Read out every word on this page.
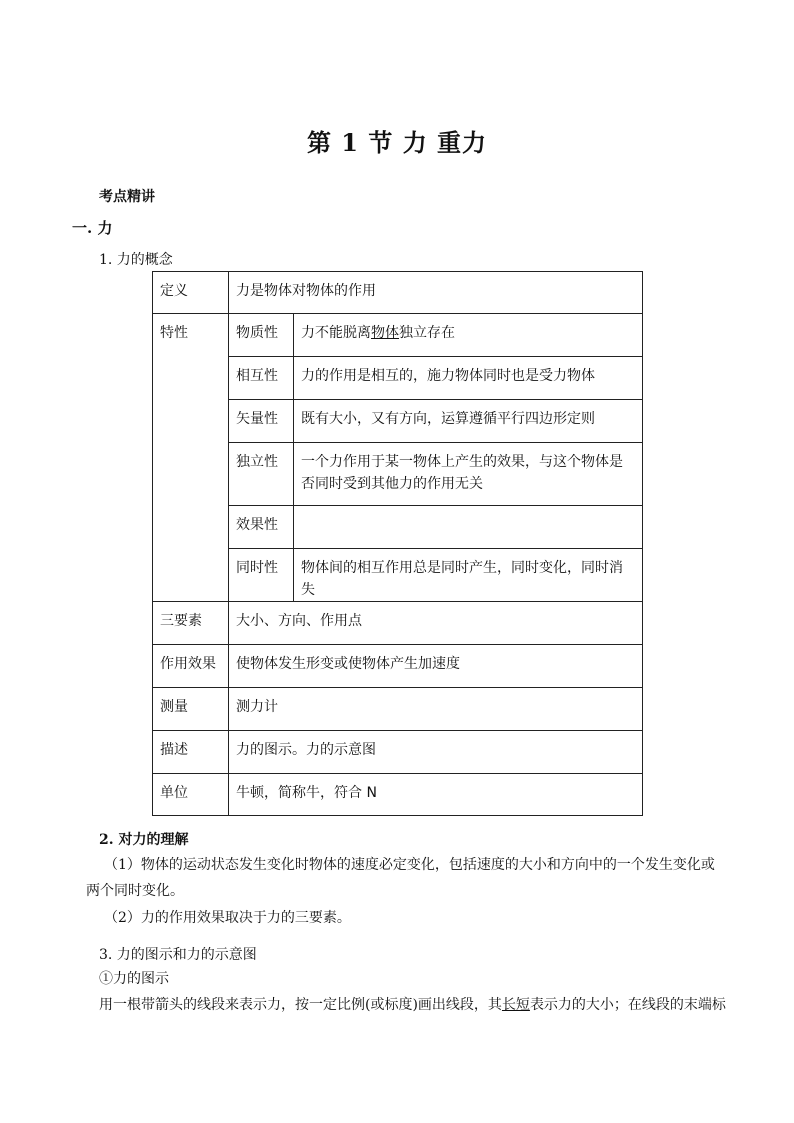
第 1 节 力 重力
考点精讲
一. 力
1. 力的概念
定义	力是物体对物体的作用	
特性	物质性	力不能脱离物体独立存在
	相互性	力的作用是相互的，施力物体同时也是受力物体
	矢量性	既有大小，又有方向，运算遵循平行四边形定则
	独立性	一个力作用于某一物体上产生的效果，与这个物体是否同时受到其他力的作用无关
	效果性	
	同时性	物体间的相互作用总是同时产生，同时变化，同时消失
三要素	大小、方向、作用点	
作用效果	使物体发生形变或使物体产生加速度	
测量	测力计	
描述	力的图示。力的示意图	
单位	牛顿，简称牛，符合 N	
2. 对力的理解
（1）物体的运动状态发生变化时物体的速度必定变化，包括速度的大小和方向中的一个发生变化或两个同时变化。
（2）力的作用效果取决于力的三要素。
3. 力的图示和力的示意图
①力的图示
用一根带箭头的线段来表示力，按一定比例(或标度)画出线段，其长短表示力的大小；在线段的末端标
